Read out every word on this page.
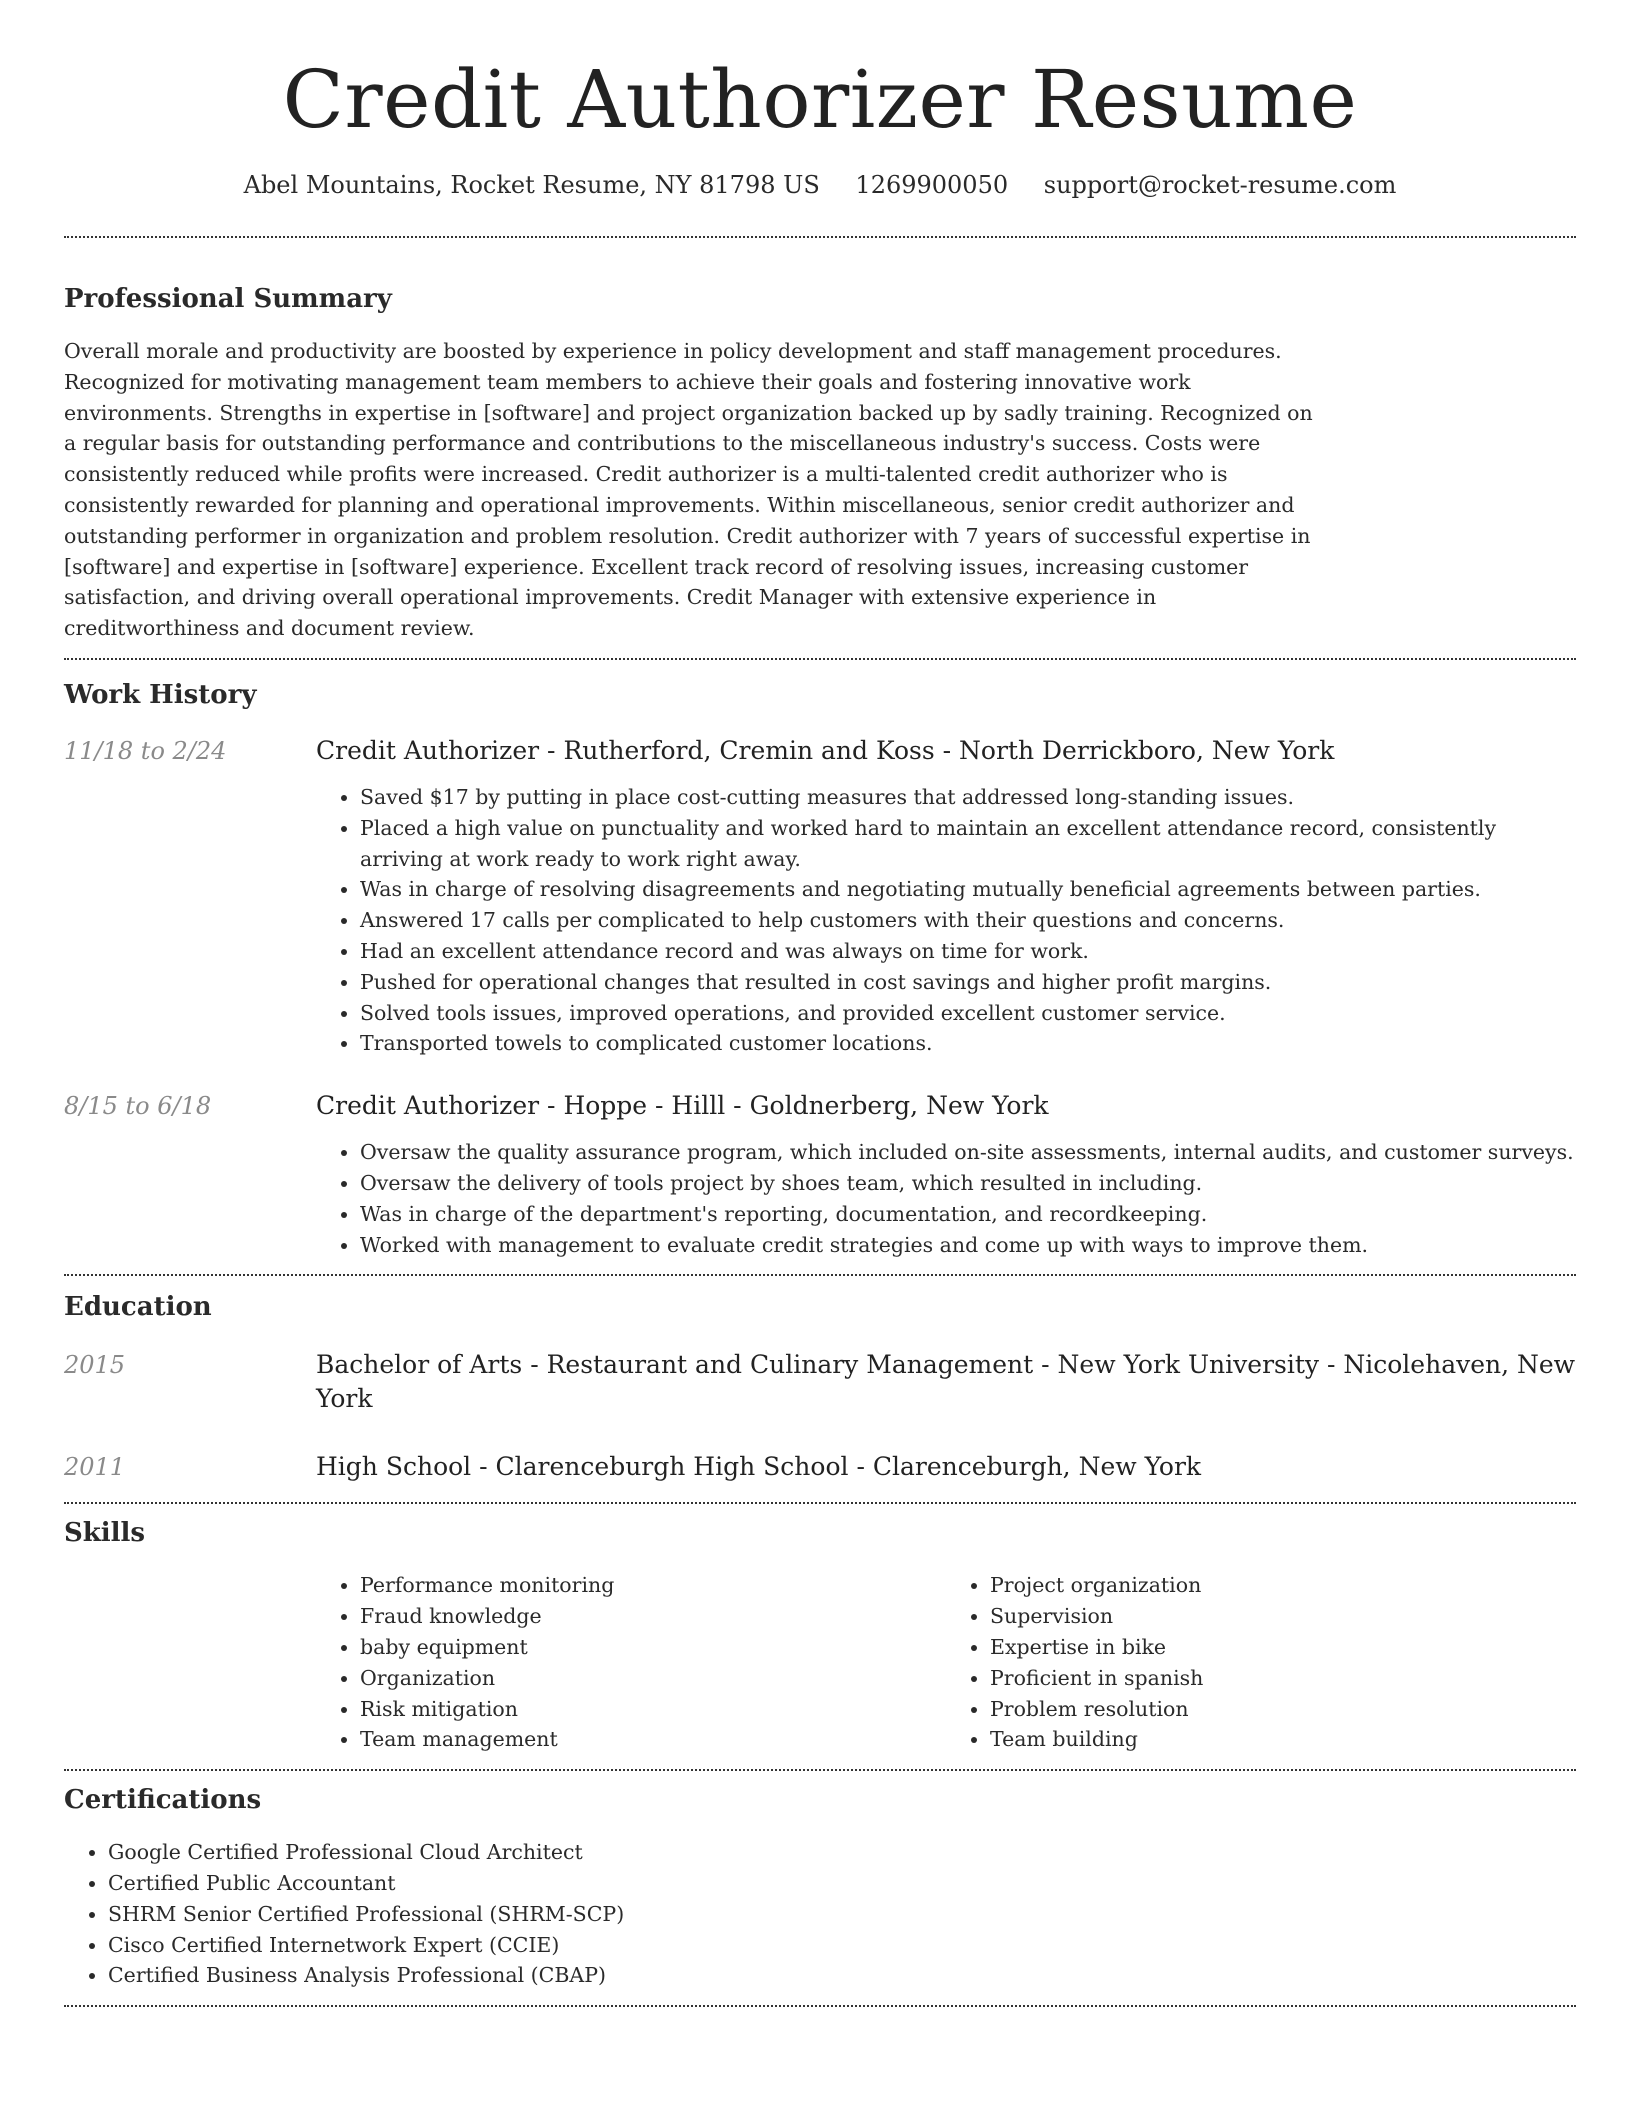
Credit Authorizer Resume
Abel Mountains, Rocket Resume, NY 81798 US 1269900050 support@rocket-resume.com
Professional Summary

Overall morale and productivity are boosted by experience in policy development and staff management procedures. Recognized for motivating management team members to achieve their goals and fostering innovative work environments. Strengths in expertise in [software] and project organization backed up by sadly training. Recognized on a regular basis for outstanding performance and contributions to the miscellaneous industry's success. Costs were consistently reduced while profits were increased. Credit authorizer is a multi-talented credit authorizer who is consistently rewarded for planning and operational improvements. Within miscellaneous, senior credit authorizer and outstanding performer in organization and problem resolution. Credit authorizer with 7 years of successful expertise in [software] and expertise in [software] experience. Excellent track record of resolving issues, increasing customer satisfaction, and driving overall operational improvements. Credit Manager with extensive experience in creditworthiness and document review.

Work History
11/18 to 2/24	Credit Authorizer - Rutherford, Cremin and Koss - North Derrickboro, New York

• Saved $17 by putting in place cost-cutting measures that addressed long-standing issues.
• Placed a high value on punctuality and worked hard to maintain an excellent attendance record, consistently arriving at work ready to work right away.
• Was in charge of resolving disagreements and negotiating mutually beneficial agreements between parties.
• Answered 17 calls per complicated to help customers with their questions and concerns.
• Had an excellent attendance record and was always on time for work.
• Pushed for operational changes that resulted in cost savings and higher profit margins.
• Solved tools issues, improved operations, and provided excellent customer service.
• Transported towels to complicated customer locations.
8/15 to 6/18	Credit Authorizer - Hoppe - Hilll - Goldnerberg, New York

• Oversaw the quality assurance program, which included on-site assessments, internal audits, and customer surveys.
• Oversaw the delivery of tools project by shoes team, which resulted in including.
• Was in charge of the department's reporting, documentation, and recordkeeping.
• Worked with management to evaluate credit strategies and come up with ways to improve them.
Education
2015	Bachelor of Arts - Restaurant and Culinary Management - New York University - Nicolehaven, New York

2011	High School - Clarenceburgh High School - Clarenceburgh, New York

Skills
• Performance monitoring
• Fraud knowledge
• baby equipment
• Organization
• Risk mitigation
• Team management
• Project organization
• Supervision
• Expertise in bike
• Proficient in spanish
• Problem resolution
• Team building
Certifications
• Google Certified Professional Cloud Architect
• Certified Public Accountant
• SHRM Senior Certified Professional (SHRM-SCP)
• Cisco Certified Internetwork Expert (CCIE)
• Certified Business Analysis Professional (CBAP)
